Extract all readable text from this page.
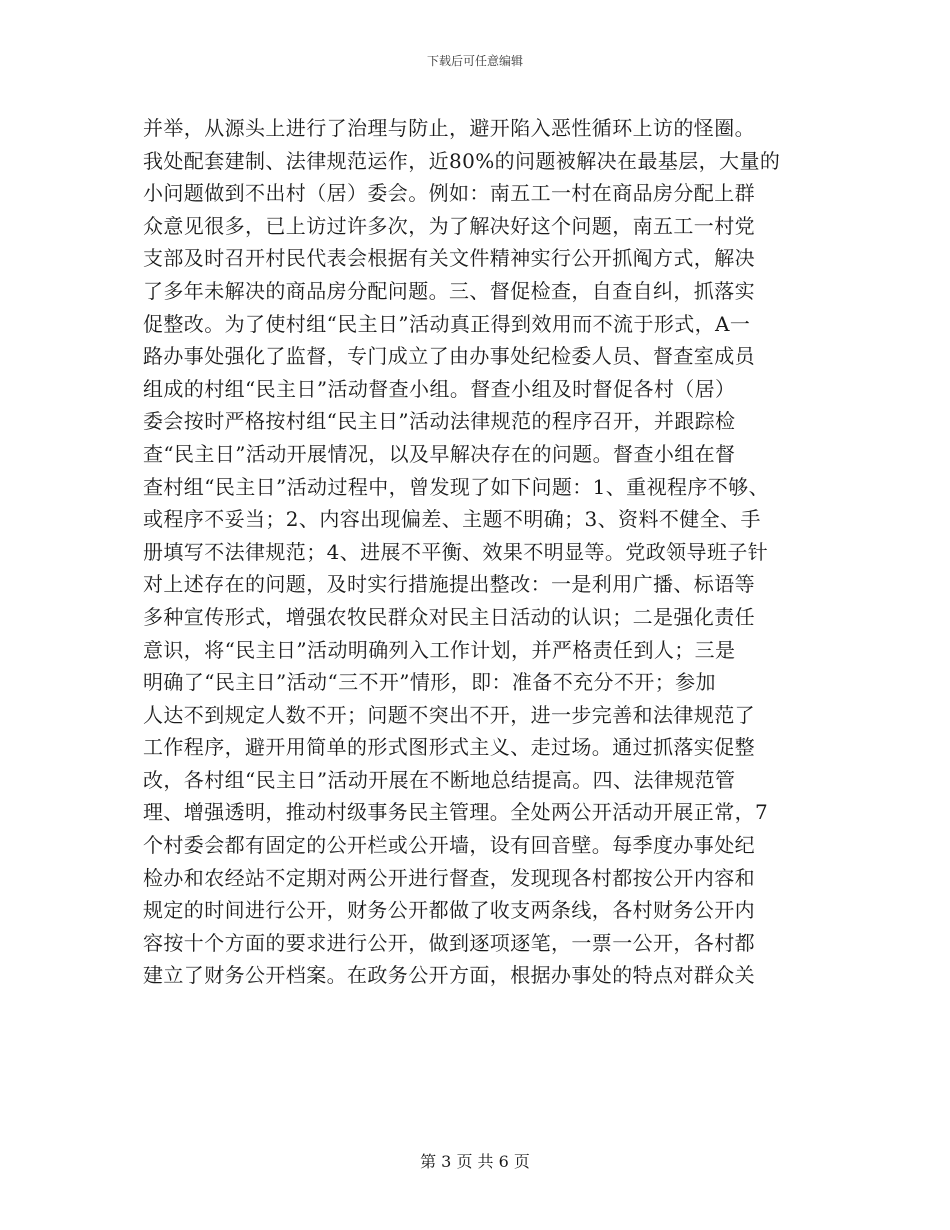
下载后可任意编辑
并举，从源头上进行了治理与防止，避开陷入恶性循环上访的怪圈。
我处配套建制、法律规范运作，近80%的问题被解决在最基层，大量的
小问题做到不出村（居）委会。例如：南五工一村在商品房分配上群
众意见很多，已上访过许多次，为了解决好这个问题，南五工一村党
支部及时召开村民代表会根据有关文件精神实行公开抓阄方式，解决
了多年未解决的商品房分配问题。三、督促检查，自查自纠，抓落实
促整改。为了使村组“民主日”活动真正得到效用而不流于形式，A一
路办事处强化了监督，专门成立了由办事处纪检委人员、督查室成员
组成的村组“民主日”活动督查小组。督查小组及时督促各村（居）
委会按时严格按村组“民主日”活动法律规范的程序召开，并跟踪检
查“民主日”活动开展情况，以及早解决存在的问题。督查小组在督
查村组“民主日”活动过程中，曾发现了如下问题：1、重视程序不够、
或程序不妥当；2、内容出现偏差、主题不明确；3、资料不健全、手
册填写不法律规范；4、进展不平衡、效果不明显等。党政领导班子针
对上述存在的问题，及时实行措施提出整改：一是利用广播、标语等
多种宣传形式，增强农牧民群众对民主日活动的认识；二是强化责任
意识，将“民主日”活动明确列入工作计划，并严格责任到人；三是
明确了“民主日”活动“三不开”情形，即：准备不充分不开；参加
人达不到规定人数不开；问题不突出不开，进一步完善和法律规范了
工作程序，避开用简单的形式图形式主义、走过场。通过抓落实促整
改，各村组“民主日”活动开展在不断地总结提高。四、法律规范管
理、增强透明，推动村级事务民主管理。全处两公开活动开展正常，7
个村委会都有固定的公开栏或公开墙，设有回音壁。每季度办事处纪
检办和农经站不定期对两公开进行督查，发现现各村都按公开内容和
规定的时间进行公开，财务公开都做了收支两条线，各村财务公开内
容按十个方面的要求进行公开，做到逐项逐笔，一票一公开，各村都
建立了财务公开档案。在政务公开方面，根据办事处的特点对群众关
第 3 页 共 6 页
